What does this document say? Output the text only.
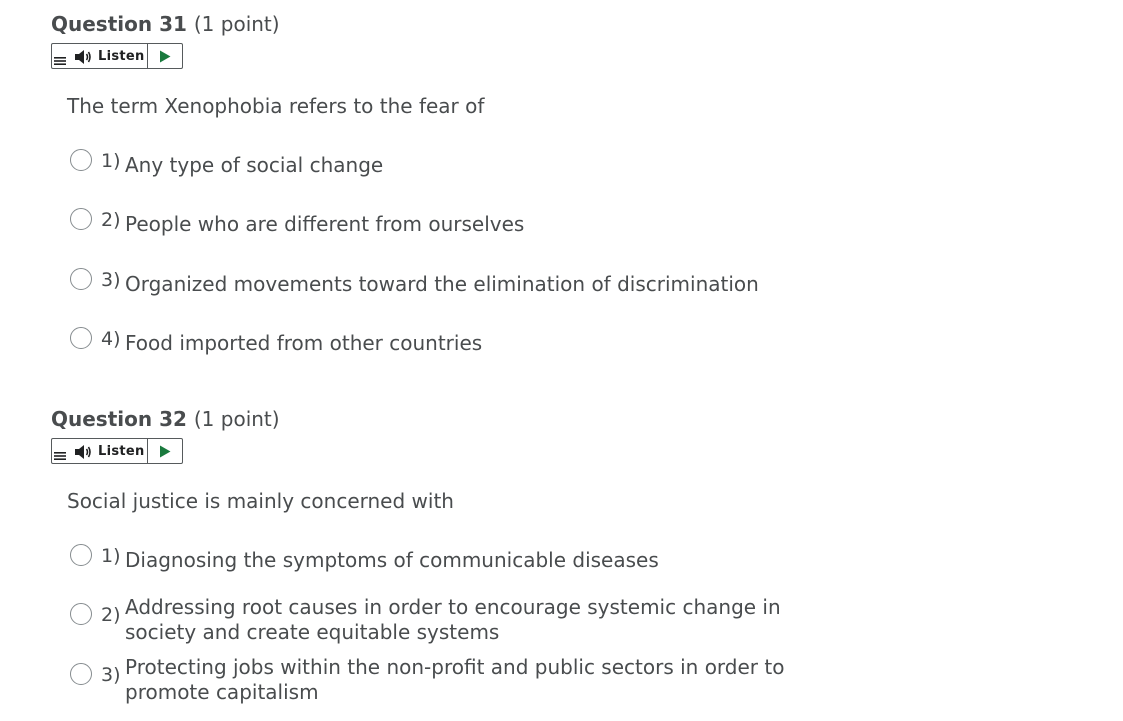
Question 31 (1 point)
Listen
The term Xenophobia refers to the fear of
1) Any type of social change
2) People who are different from ourselves
3) Organized movements toward the elimination of discrimination
4) Food imported from other countries
Question 32 (1 point)
Listen
Social justice is mainly concerned with
1) Diagnosing the symptoms of communicable diseases
2) Addressing root causes in order to encourage systemic change in society and create equitable systems
3) Protecting jobs within the non-profit and public sectors in order to promote capitalism
